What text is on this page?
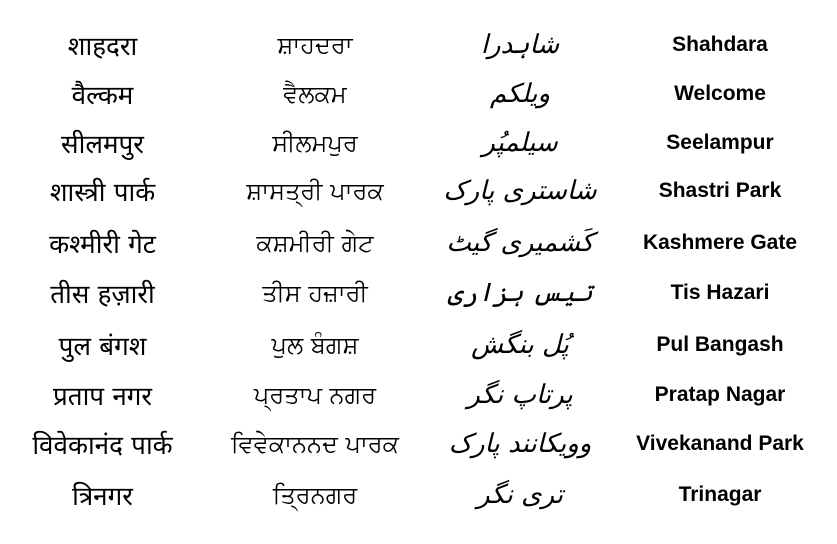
शाहदरा	ਸ਼ਾਹਦਰਾ	شاہدرا	Shahdara
वैल्कम	ਵੈਲਕਮ	ویلکم	Welcome
सीलमपुर	ਸੀਲਮਪੁਰ	سیلمپُر	Seelampur
शास्त्री पार्क	ਸ਼ਾਸਤ੍ਰੀ ਪਾਰਕ	شاستری پارک	Shastri Park
कश्मीरी गेट	ਕਸ਼ਮੀਰੀ ਗੇਟ	کَشمیری گیٹ	Kashmere Gate
तीस हज़ारी	ਤੀਸ ਹਜ਼ਾਰੀ	تیس ہزاری	Tis Hazari
पुल बंगश	ਪੁਲ ਬੰਗਸ਼	پُل بنگش	Pul Bangash
प्रताप नगर	ਪ੍ਰਤਾਪ ਨਗਰ	پرتاپ نگر	Pratap Nagar
विवेकानंद पार्क	ਵਿਵੇਕਾਨਨਦ ਪਾਰਕ	وویکانند پارک	Vivekanand Park
त्रिनगर	ਤ੍ਰਿਨਗਰ	تری نگر	Trinagar
